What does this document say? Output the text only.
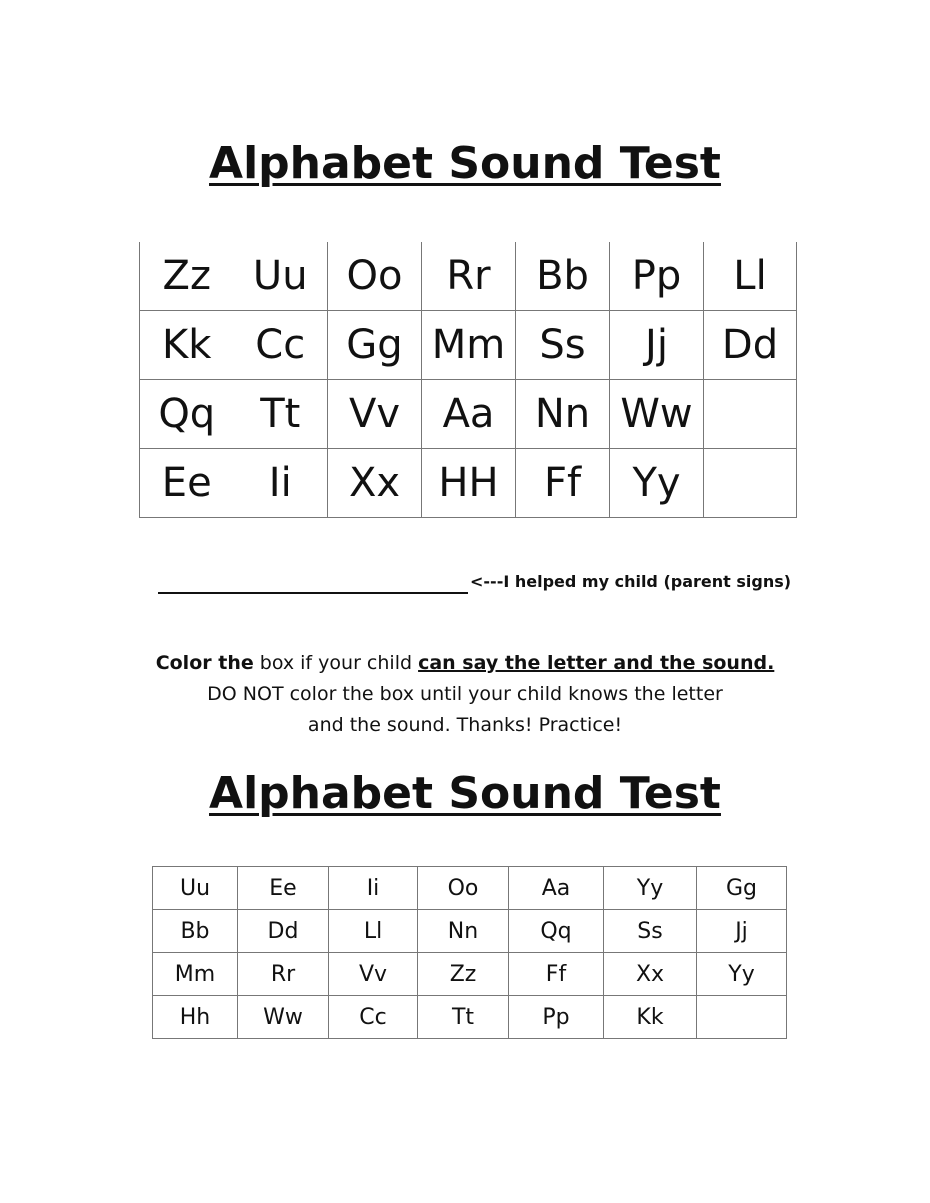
Alphabet Sound Test
Zz	Uu	Oo	Rr	Bb	Pp	Ll
Kk	Cc	Gg	Mm	Ss	Jj	Dd
Qq	Tt	Vv	Aa	Nn	Ww	
Ee	Ii	Xx	HH	Ff	Yy	
<---I helped my child (parent signs)
Color the box if your child can say the letter and the sound.
DO NOT color the box until your child knows the letter
and the sound. Thanks! Practice!
Alphabet Sound Test
Uu	Ee	Ii	Oo	Aa	Yy	Gg
Bb	Dd	Ll	Nn	Qq	Ss	Jj
Mm	Rr	Vv	Zz	Ff	Xx	Yy
Hh	Ww	Cc	Tt	Pp	Kk	
